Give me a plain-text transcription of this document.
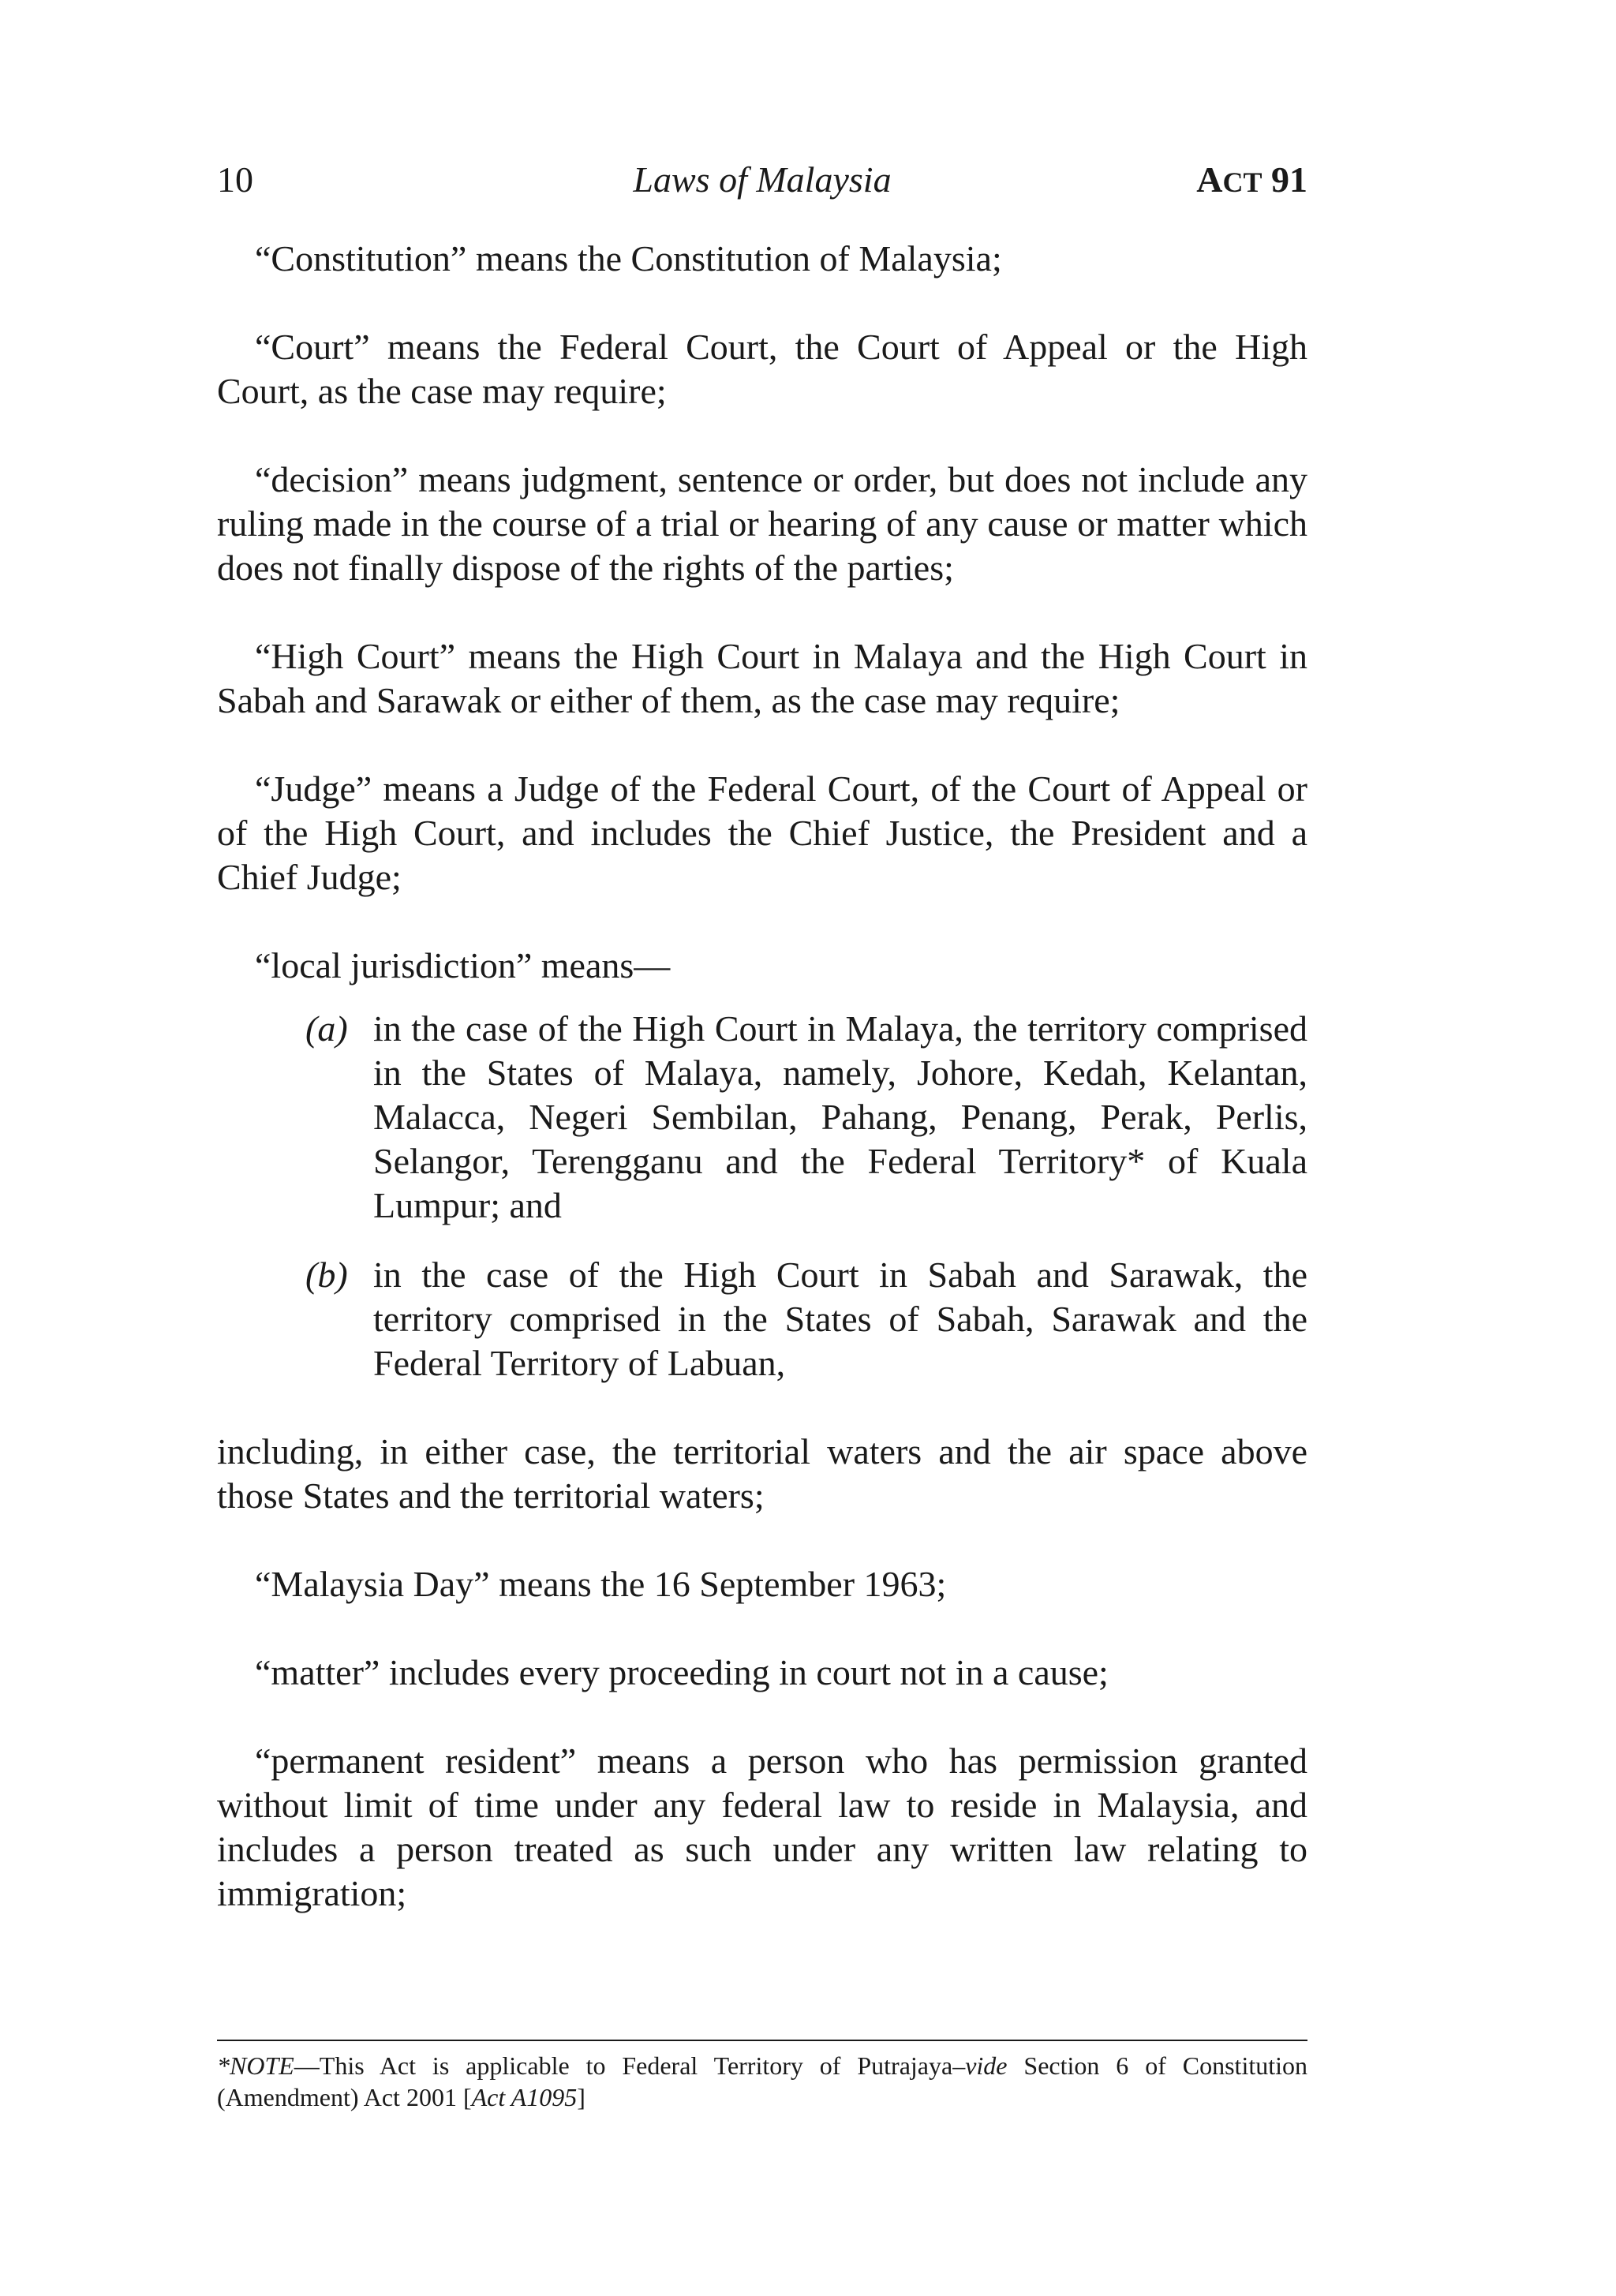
10	Laws of Malaysia	ACT 91

“Constitution” means the Constitution of Malaysia;

“Court” means the Federal Court, the Court of Appeal or the High Court, as the case may require;

“decision” means judgment, sentence or order, but does not include any ruling made in the course of a trial or hearing of any cause or matter which does not finally dispose of the rights of the parties;

“High Court” means the High Court in Malaya and the High Court in Sabah and Sarawak or either of them, as the case may require;

“Judge” means a Judge of the Federal Court, of the Court of Appeal or of the High Court, and includes the Chief Justice, the President and a Chief Judge;

“local jurisdiction” means—

(a) in the case of the High Court in Malaya, the territory comprised in the States of Malaya, namely, Johore, Kedah, Kelantan, Malacca, Negeri Sembilan, Pahang, Penang, Perak, Perlis, Selangor, Terengganu and the Federal Territory* of Kuala Lumpur; and
(b) in the case of the High Court in Sabah and Sarawak, the territory comprised in the States of Sabah, Sarawak and the Federal Territory of Labuan,

including, in either case, the territorial waters and the air space above those States and the territorial waters;

“Malaysia Day” means the 16 September 1963;

“matter” includes every proceeding in court not in a cause;

“permanent resident” means a person who has permission granted without limit of time under any federal law to reside in Malaysia, and includes a person treated as such under any written law relating to immigration;

*NOTE—This Act is applicable to Federal Territory of Putrajaya–vide Section 6 of Constitution (Amendment) Act 2001 [Act A1095]
